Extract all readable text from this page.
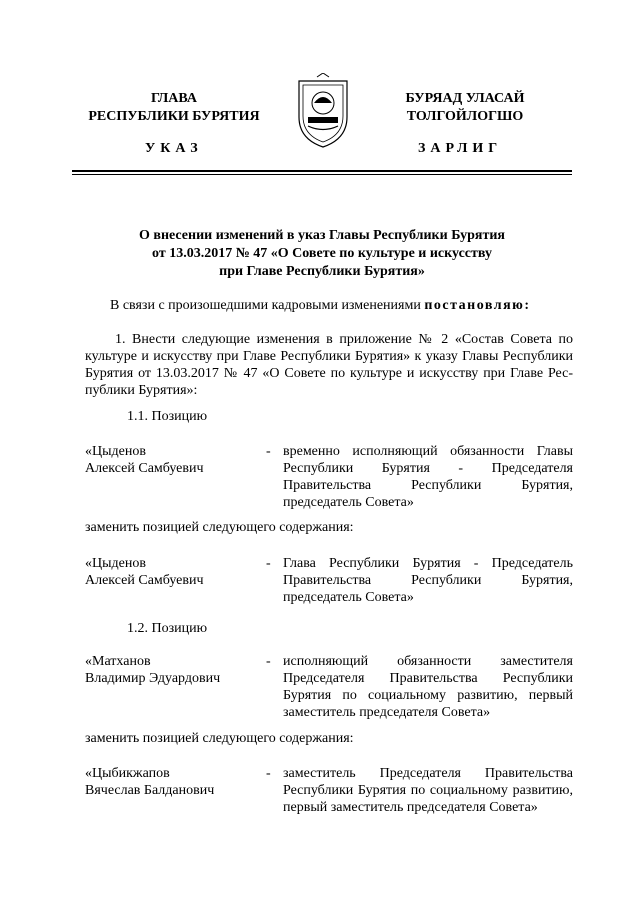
ГЛАВА
РЕСПУБЛИКИ БУРЯТИЯ
БУРЯАД УЛАСАЙ
ТОЛГОЙЛОГШО
УКАЗ	ЗАРЛИГ
О внесении изменений в указ Главы Республики Бурятия
от 13.03.2017 № 47 «О Совете по культуре и искусству
при Главе Республики Бурятия»
В связи с произошедшими кадровыми изменениями постановляю:
1. Внести следующие изменения в приложение № 2 «Состав Совета по культуре и искусству при Главе Республики Бурятия» к указу Главы Республики Бурятия от 13.03.2017 № 47 «О Совете по культуре и искусству при Главе Рес-публики Бурятия»:
1.1. Позицию
«Цыденов
Алексей Самбуевич
- временно исполняющий обязанности Главы Республики Бурятия - Председателя Правительства Республики Бурятия, председатель Совета»
заменить позицией следующего содержания:
«Цыденов
Алексей Самбуевич
- Глава Республики Бурятия - Председатель Правительства Республики Бурятия, председатель Совета»
1.2. Позицию
«Матханов
Владимир Эдуардович
- исполняющий обязанности заместителя Председателя Правительства Республики Бурятия по социальному развитию, первый заместитель председателя Совета»
заменить позицией следующего содержания:
«Цыбикжапов
Вячеслав Балданович
- заместитель Председателя Правительства Республики Бурятия по социальному развитию, первый заместитель председателя Совета»
